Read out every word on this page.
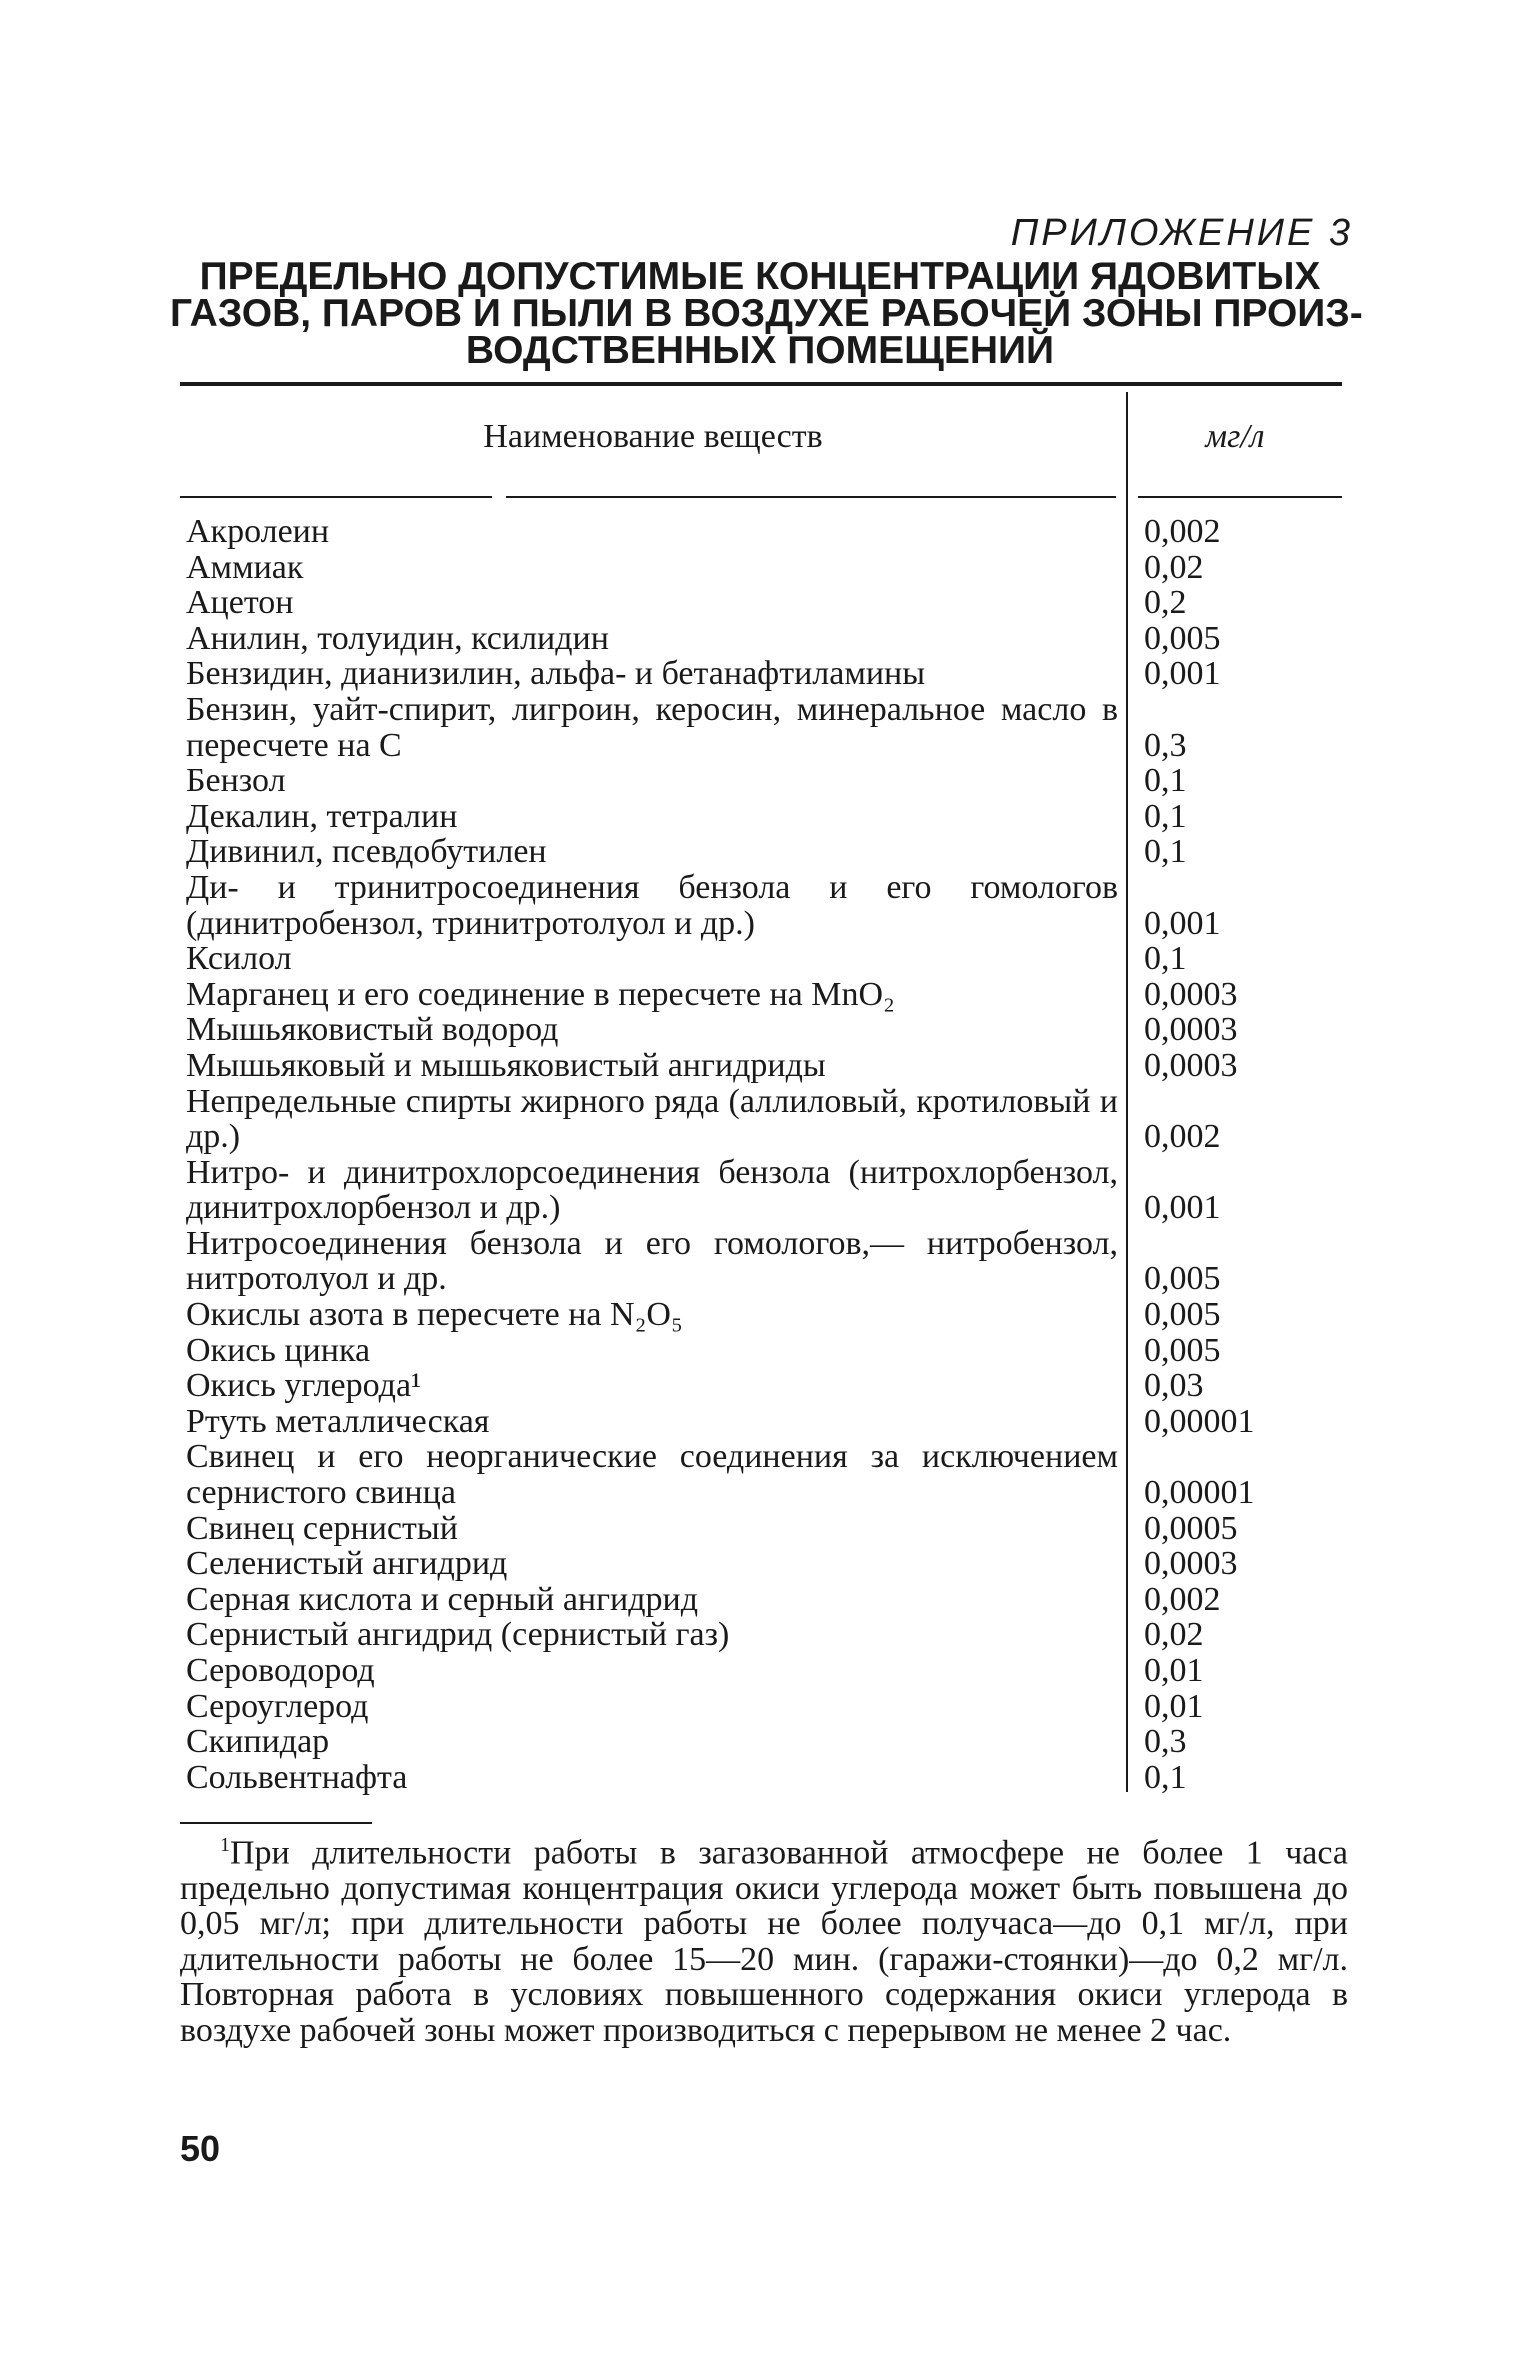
ПРИЛОЖЕНИЕ 3
ПРЕДЕЛЬНО ДОПУСТИМЫЕ КОНЦЕНТРАЦИИ ЯДОВИТЫХ
ГАЗОВ, ПАРОВ И ПЫЛИ В ВОЗДУХЕ РАБОЧЕЙ ЗОНЫ ПРОИЗ-
ВОДСТВЕННЫХ ПОМЕЩЕНИЙ
Наименование веществ	мг/л
Акролеин	0,002
Аммиак	0,02
Ацетон	0,2
Анилин, толуидин, ксилидин	0,005
Бензидин, дианизилин, альфа- и бетанафтиламины	0,001
Бензин, уайт-спирит, лигроин, керосин, минеральное масло в пересчете на С	0,3
Бензол	0,1
Декалин, тетралин	0,1
Дивинил, псевдобутилен	0,1
Ди- и тринитросоединения бензола и его гомологов (динитробензол, тринитротолуол и др.)	0,001
Ксилол	0,1
Марганец и его соединение в пересчете на MnO₂	0,0003
Мышьяковистый водород	0,0003
Мышьяковый и мышьяковистый ангидриды	0,0003
Непредельные спирты жирного ряда (аллиловый, кротиловый и др.)	0,002
Нитро- и динитрохлорсоединения бензола (нитрохлорбензол, динитрохлорбензол и др.)	0,001
Нитросоединения бензола и его гомологов,— нитробензол, нитротолуол и др.	0,005
Окислы азота в пересчете на N₂O₅	0,005
Окись цинка	0,005
Окись углерода¹	0,03
Ртуть металлическая	0,00001
Свинец и его неорганические соединения за исключением сернистого свинца	0,00001
Свинец сернистый	0,0005
Селенистый ангидрид	0,0003
Серная кислота и серный ангидрид	0,002
Сернистый ангидрид (сернистый газ)	0,02
Сероводород	0,01
Сероуглерод	0,01
Скипидар	0,3
Сольвентнафта	0,1
$^1$При длительности работы в загазованной атмосфере не более 1 часа предельно допустимая концентрация окиси углерода может быть повышена до 0,05 мг/л; при длительности работы не более получаса—до 0,1 мг/л, при длительности работы не более 15—20 мин. (гаражи-стоянки)—до 0,2 мг/л. Повторная работа в условиях повышенного содержания окиси углерода в воздухе рабочей зоны может производиться с перерывом не менее 2 час.
50
